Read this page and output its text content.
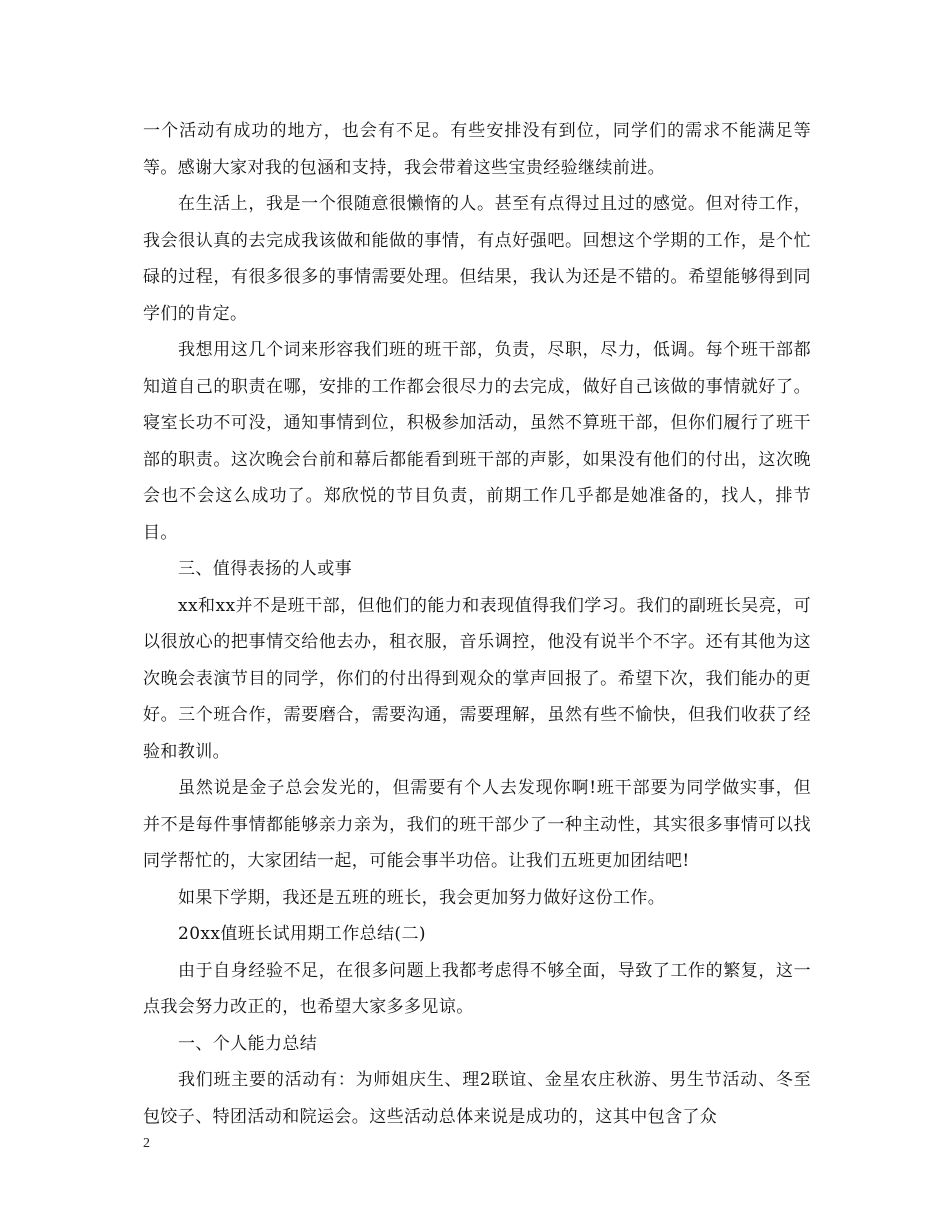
一个活动有成功的地方，也会有不足。有些安排没有到位，同学们的需求不能满足等等。感谢大家对我的包涵和支持，我会带着这些宝贵经验继续前进。

在生活上，我是一个很随意很懒惰的人。甚至有点得过且过的感觉。但对待工作，我会很认真的去完成我该做和能做的事情，有点好强吧。回想这个学期的工作，是个忙碌的过程，有很多很多的事情需要处理。但结果，我认为还是不错的。希望能够得到同学们的肯定。

我想用这几个词来形容我们班的班干部，负责，尽职，尽力，低调。每个班干部都知道自己的职责在哪，安排的工作都会很尽力的去完成，做好自己该做的事情就好了。寝室长功不可没，通知事情到位，积极参加活动，虽然不算班干部，但你们履行了班干部的职责。这次晚会台前和幕后都能看到班干部的声影，如果没有他们的付出，这次晚会也不会这么成功了。郑欣悦的节目负责，前期工作几乎都是她准备的，找人，排节目。

三、值得表扬的人或事

xx和xx并不是班干部，但他们的能力和表现值得我们学习。我们的副班长吴亮，可以很放心的把事情交给他去办，租衣服，音乐调控，他没有说半个不字。还有其他为这次晚会表演节目的同学，你们的付出得到观众的掌声回报了。希望下次，我们能办的更好。三个班合作，需要磨合，需要沟通，需要理解，虽然有些不愉快，但我们收获了经验和教训。

虽然说是金子总会发光的，但需要有个人去发现你啊!班干部要为同学做实事，但并不是每件事情都能够亲力亲为，我们的班干部少了一种主动性，其实很多事情可以找同学帮忙的，大家团结一起，可能会事半功倍。让我们五班更加团结吧!

如果下学期，我还是五班的班长，我会更加努力做好这份工作。

20xx值班长试用期工作总结(二)

由于自身经验不足，在很多问题上我都考虑得不够全面，导致了工作的繁复，这一点我会努力改正的，也希望大家多多见谅。

一、个人能力总结

我们班主要的活动有：为师姐庆生、理2联谊、金星农庄秋游、男生节活动、冬至包饺子、特团活动和院运会。这些活动总体来说是成功的，这其中包含了众

2
